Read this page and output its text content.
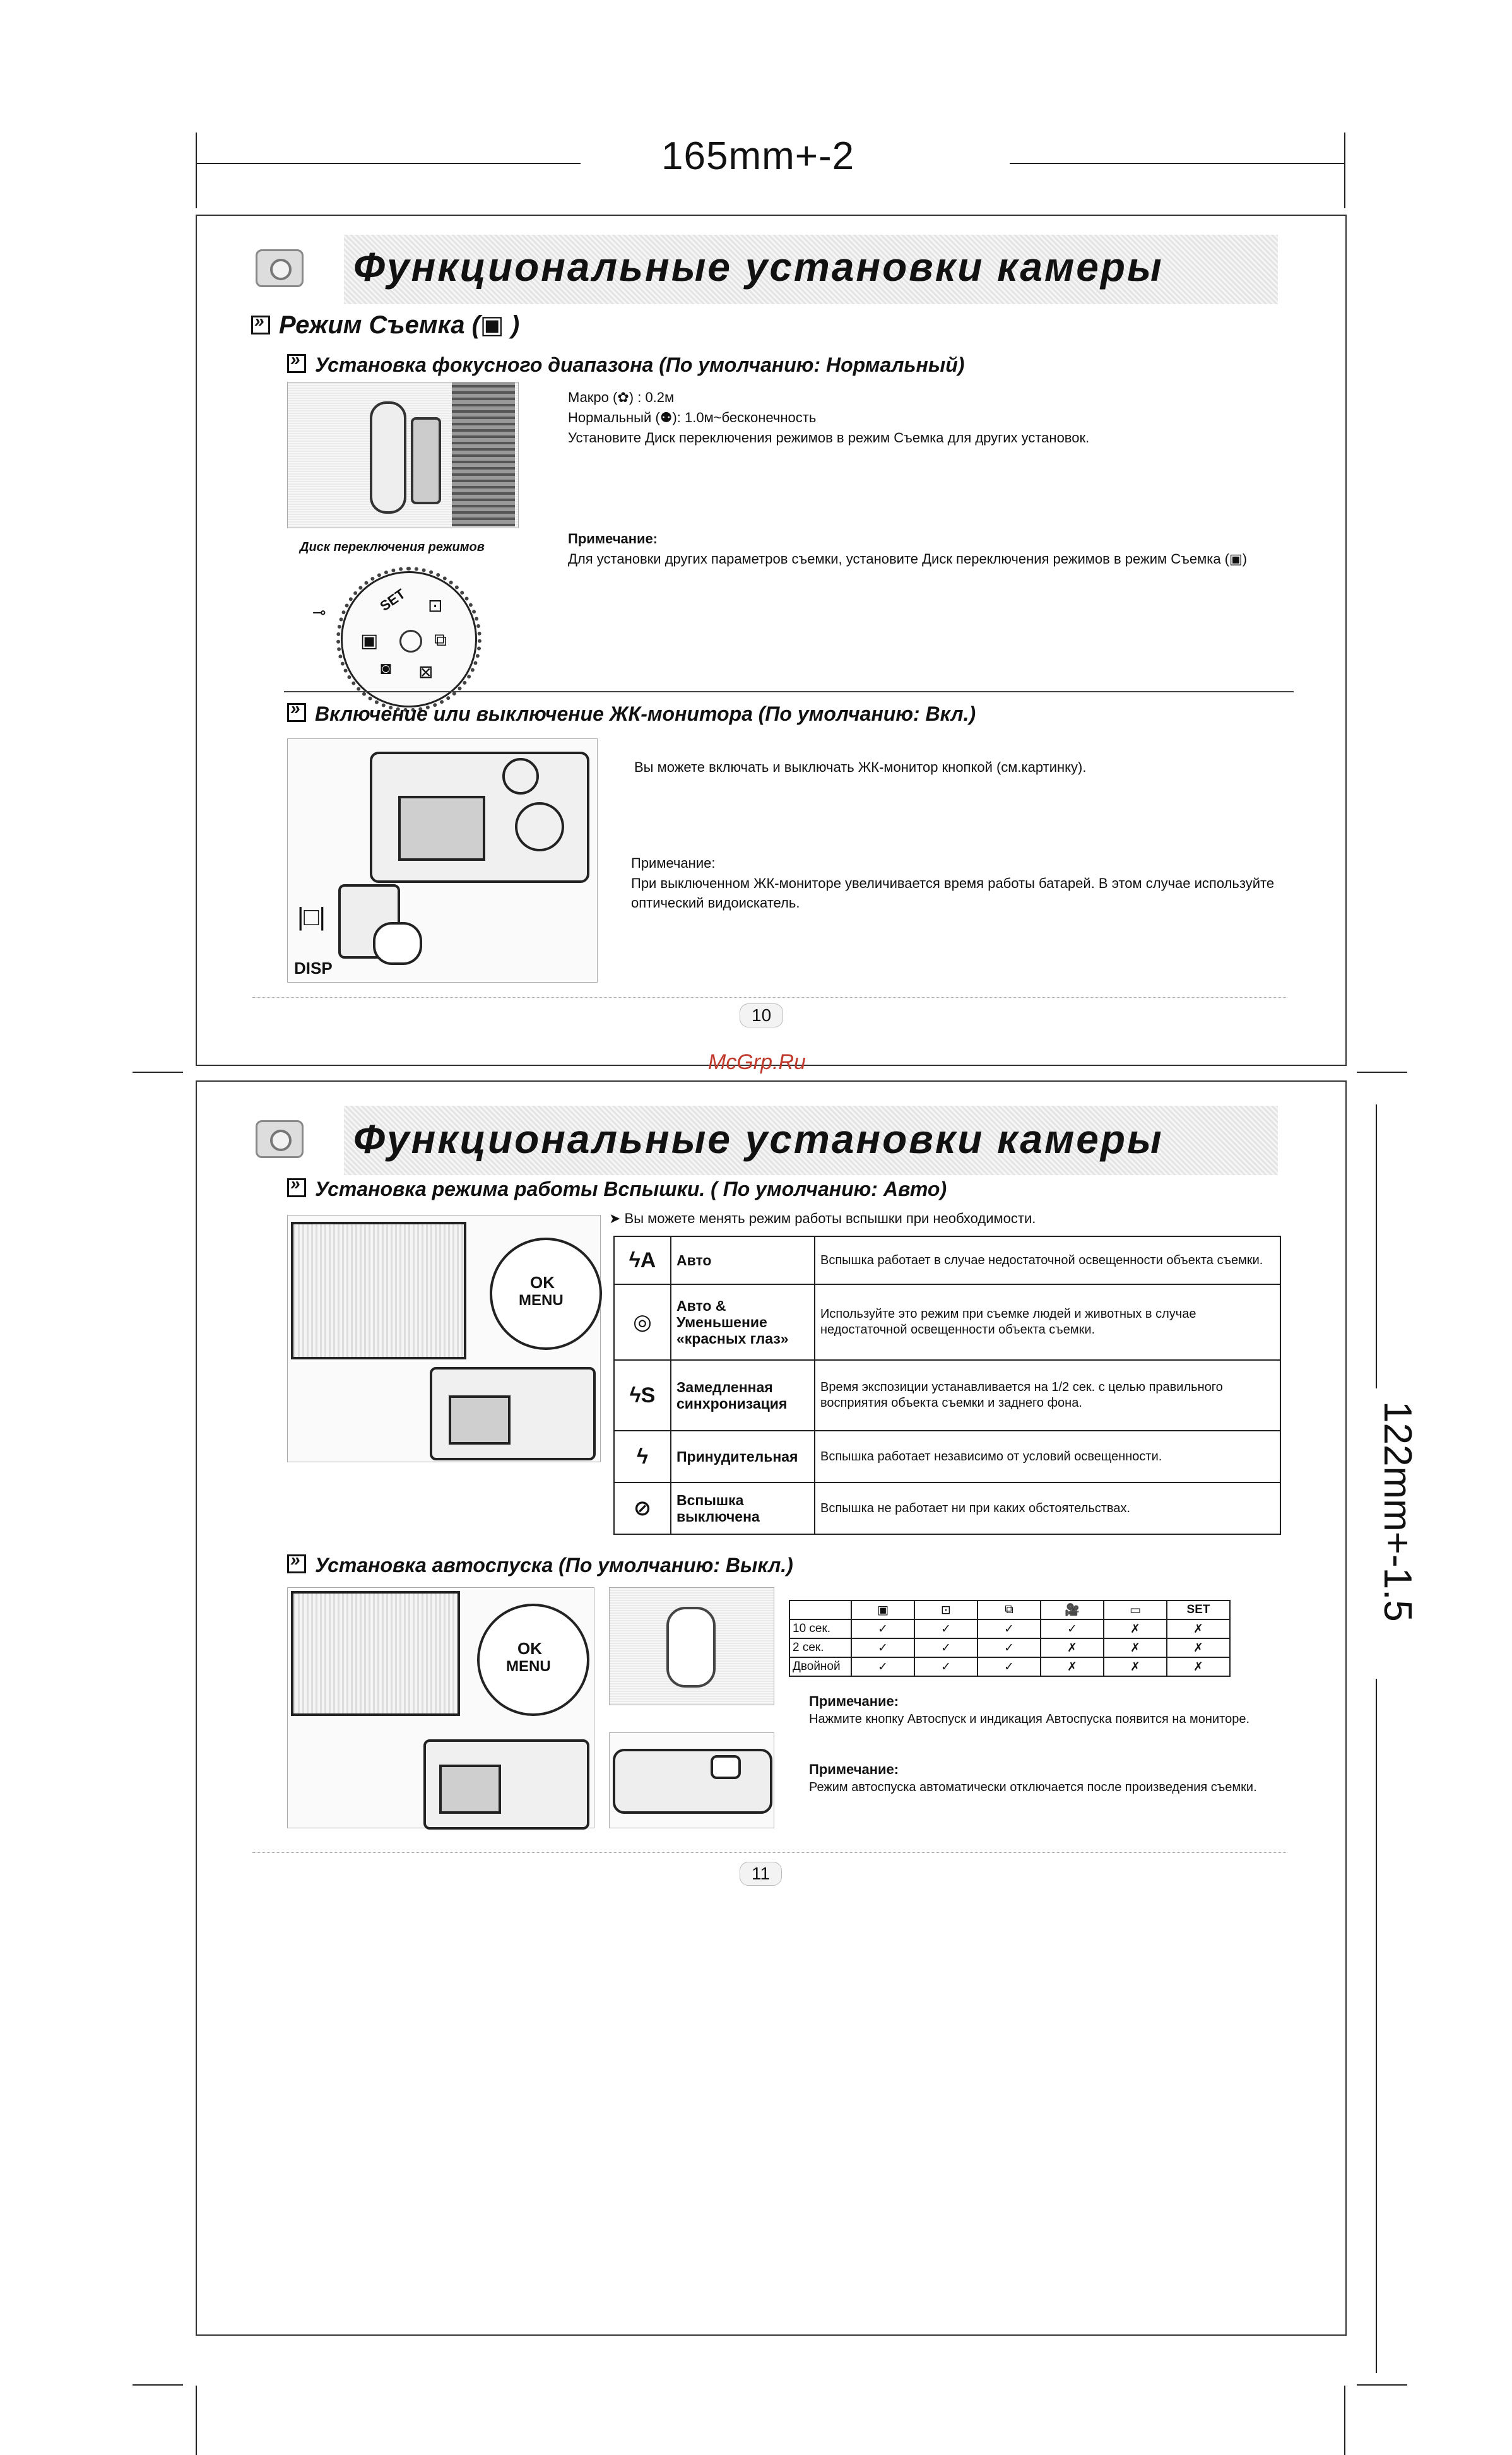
165mm+-2
122mm+-1.5
Функциональные установки камеры
»Режим Съемка (▣ )
»Установка фокусного диапазона (По умолчанию: Нормальный)
Диск переключения режимов
SET
▣
⊡
⧉
◙ ⊠
⊸
Макро (✿) : 0.2м
Нормальный (⚉): 1.0м~бесконечность
Установите Диск переключения режимов в режим Съемка для других установок.
Примечание:
Для установки других параметров съемки, установите Диск переключения режимов в режим Съемка (▣)
»Включение или выключение ЖК-монитора (По умолчанию: Вкл.)
|□|
DISP
Вы можете включать и выключать ЖК-монитор кнопкой (см.картинку).
Примечание:
При выключенном ЖК-мониторе увеличивается время работы батарей. В этом случае используйте оптический видоискатель.
10
McGrp.Ru
Функциональные установки камеры
»Установка режима работы Вспышки. ( По умолчанию: Авто)
OK
MENU
➤ Вы можете менять режим работы вспышки при необходимости.
ϟA	Авто	Вспышка работает в случае недостаточной освещенности объекта съемки.
◎	Авто & Уменьшение «красных глаз»	Используйте это режим при съемке людей и животных в случае недостаточной освещенности объекта съемки.
ϟS	Замедленная синхронизация	Время экспозиции устанавливается на 1/2 сек. с целью правильного восприятия объекта съемки и заднего фона.
ϟ	Принудительная	Вспышка работает независимо от условий освещенности.
⊘	Вспышка выключена	Вспышка не работает ни при каких обстоятельствах.
»Установка автоспуска (По умолчанию: Выкл.)
OK
MENU
	▣	⊡	⧉	🎥	▭	SET
10 сек.	✓	✓	✓	✓	✗	✗
2 сек.	✓	✓	✓	✗	✗	✗
Двойной	✓	✓	✓	✗	✗	✗
Примечание:
Нажмите кнопку Автоспуск и индикация Автоспуска появится на мониторе.
Примечание:
Режим автоспуска автоматически отключается после произведения съемки.
11
